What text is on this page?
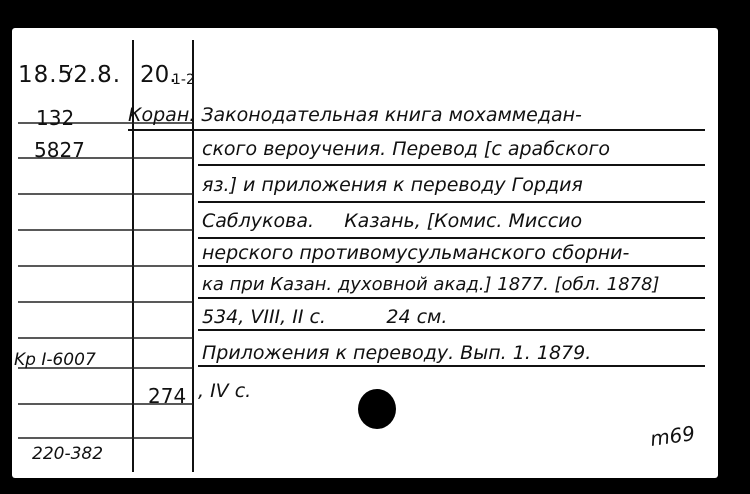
18.52.8. 20.
1-2
132
5827
Kp I-6007
220-382
274
Коран. Законодательная книга мохаммедан-
ского вероучения. Перевод [с арабского
яз.] и приложения к переводу Гордия
Саблукова.     Казань, [Комис. Миссио
нерского противомусульманского сборни-
ка при Казан. духовной акад.] 1877. [обл. 1878]
534, VIII, II с.          24 см.
Приложения к переводу. Вып. 1. 1879.
, IV с.
m69
